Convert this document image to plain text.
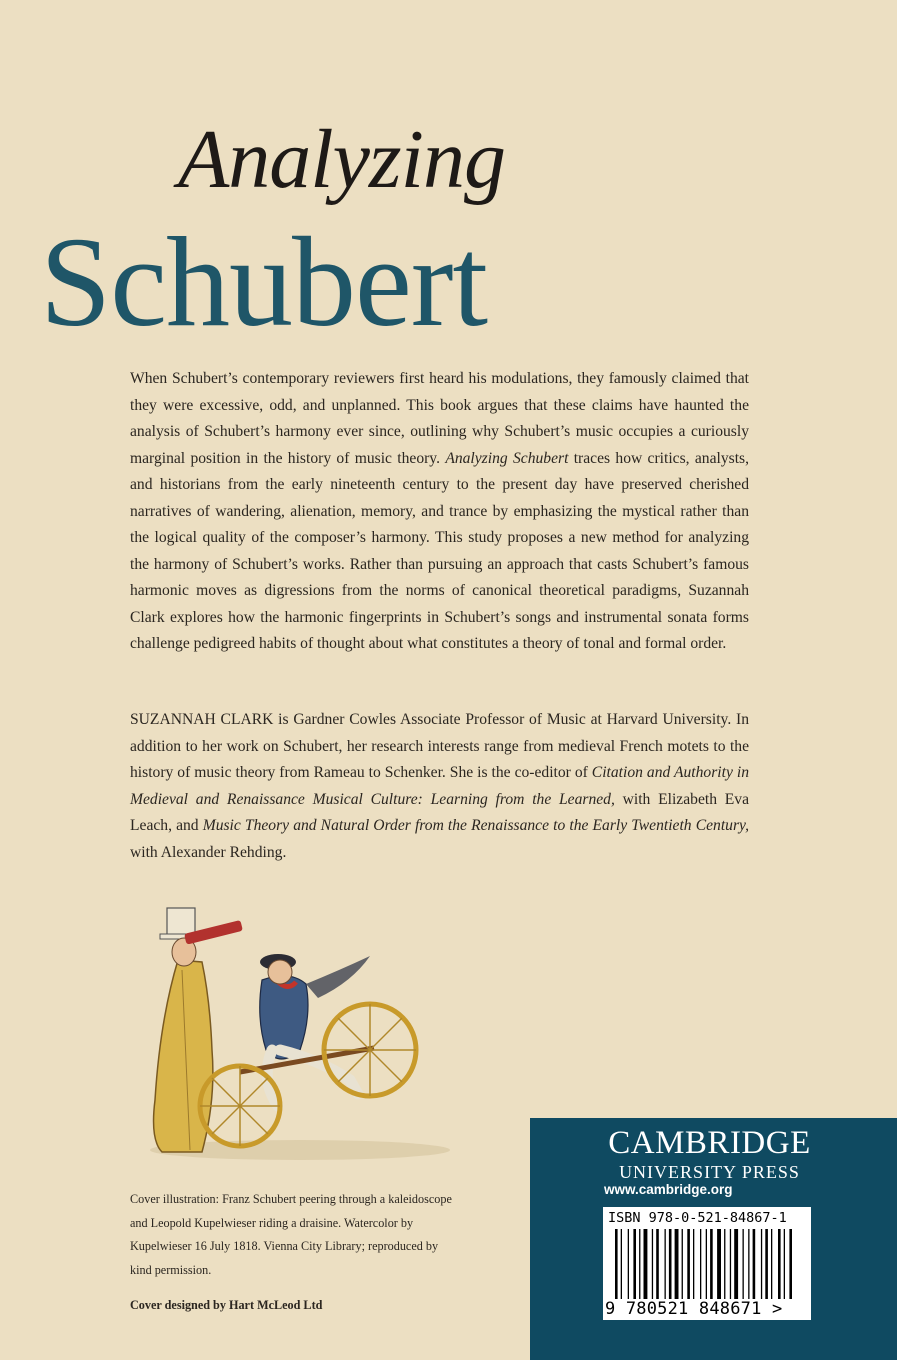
Analyzing
Schubert

When Schubert’s contemporary reviewers first heard his modulations, they famously claimed that they were excessive, odd, and unplanned. This book argues that these claims have haunted the analysis of Schubert’s harmony ever since, outlining why Schubert’s music occupies a curiously marginal position in the history of music theory. Analyzing Schubert traces how critics, analysts, and historians from the early nineteenth century to the present day have preserved cherished narratives of wandering, alienation, memory, and trance by emphasizing the mystical rather than the logical quality of the composer’s harmony. This study proposes a new method for analyzing the harmony of Schubert’s works. Rather than pursuing an approach that casts Schubert’s famous harmonic moves as digressions from the norms of canonical theoretical paradigms, Suzannah Clark explores how the harmonic fingerprints in Schubert’s songs and instrumental sonata forms challenge pedigreed habits of thought about what constitutes a theory of tonal and formal order.

SUZANNAH CLARK is Gardner Cowles Associate Professor of Music at Harvard University. In addition to her work on Schubert, her research interests range from medieval French motets to the history of music theory from Rameau to Schenker. She is the co-editor of Citation and Authority in Medieval and Renaissance Musical Culture: Learning from the Learned, with Elizabeth Eva Leach, and Music Theory and Natural Order from the Renaissance to the Early Twentieth Century, with Alexander Rehding.

Cover illustration: Franz Schubert peering through a kaleidoscope and Leopold Kupelwieser riding a draisine. Watercolor by Kupelwieser 16 July 1818. Vienna City Library; reproduced by kind permission.

Cover designed by Hart McLeod Ltd

CAMBRIDGE
UNIVERSITY PRESS
www.cambridge.org
ISBN 978-0-521-84867-1
9 780521 848671 >
